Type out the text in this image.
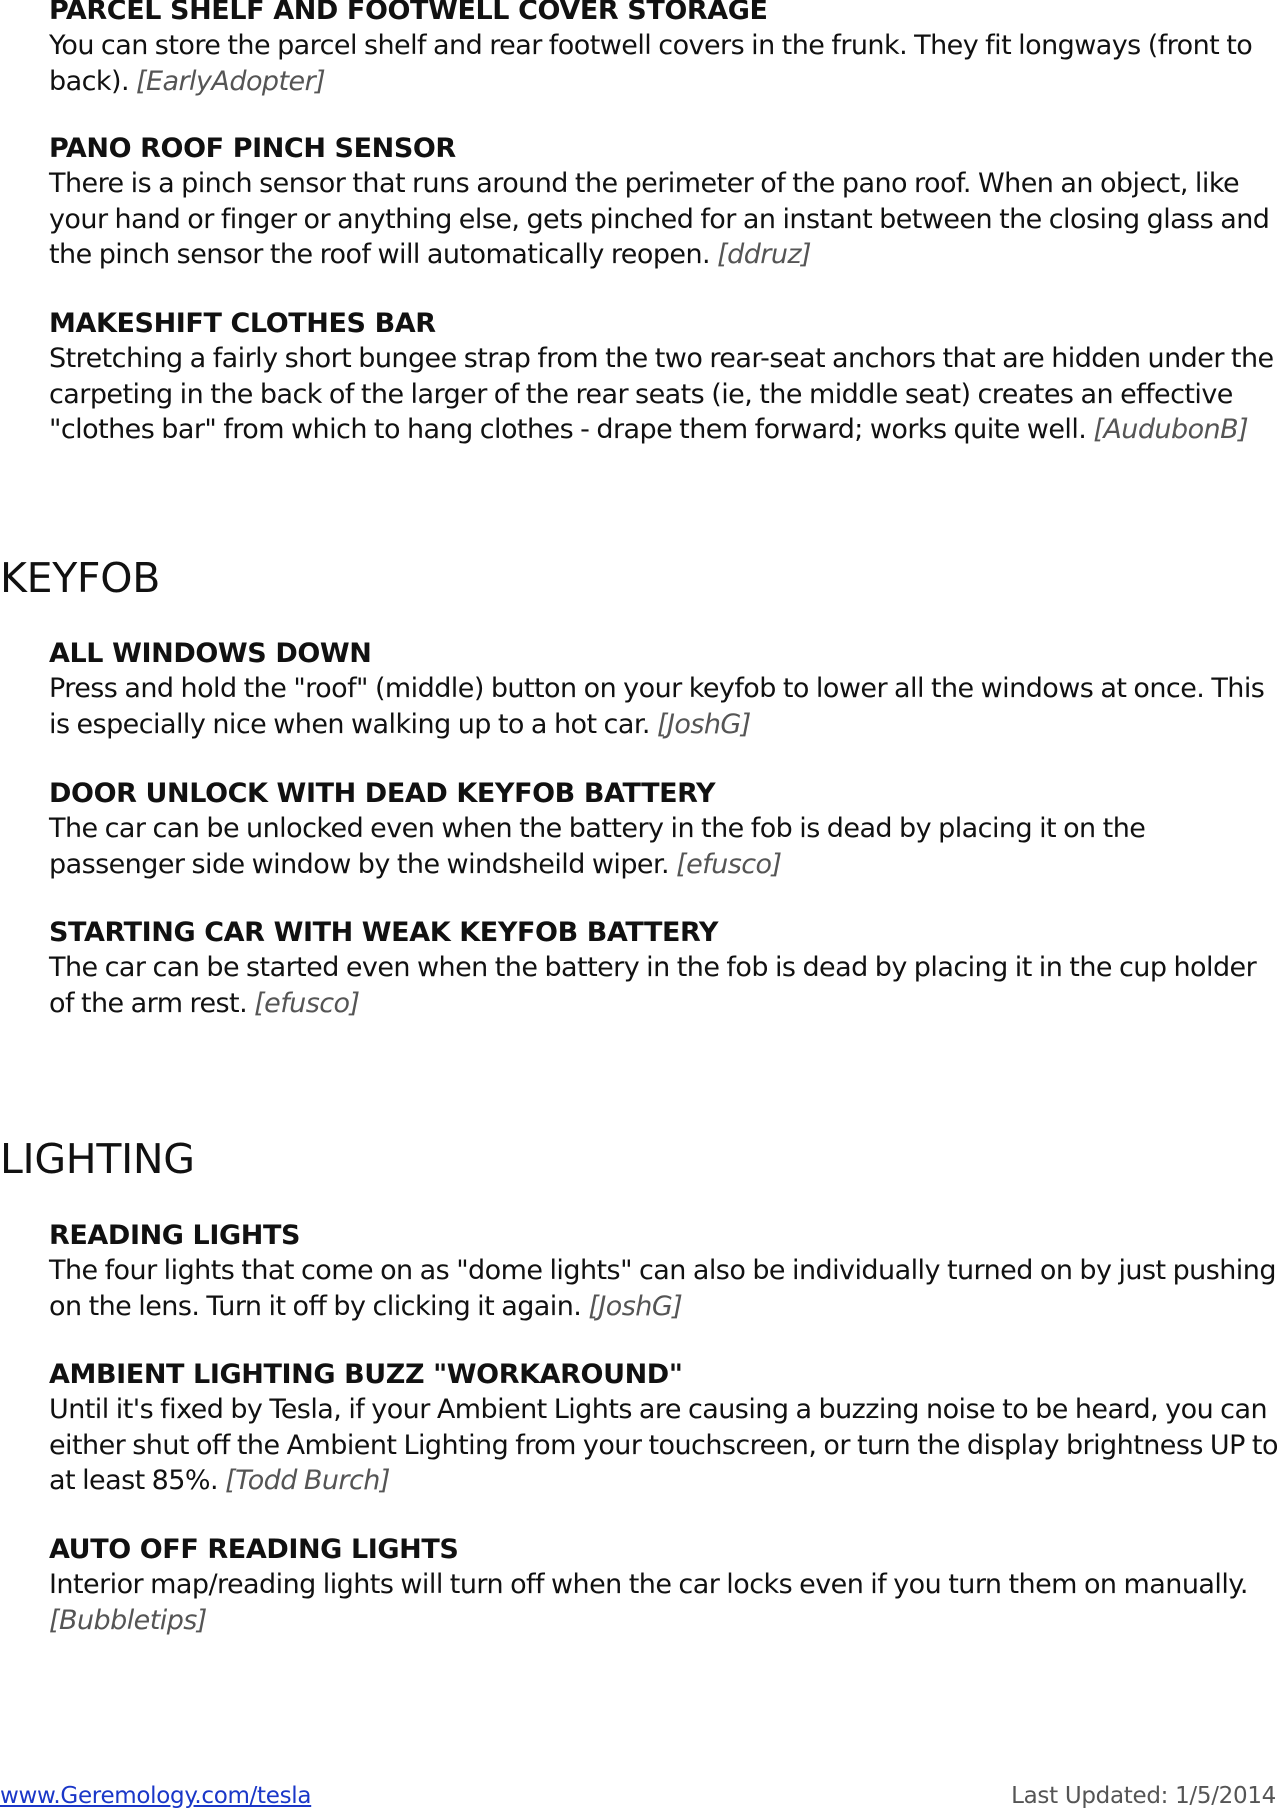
PARCEL SHELF AND FOOTWELL COVER STORAGE
You can store the parcel shelf and rear footwell covers in the frunk. They fit longways (front to back). [EarlyAdopter]
PANO ROOF PINCH SENSOR
There is a pinch sensor that runs around the perimeter of the pano roof. When an object, like your hand or finger or anything else, gets pinched for an instant between the closing glass and the pinch sensor the roof will automatically reopen. [ddruz]
MAKESHIFT CLOTHES BAR
Stretching a fairly short bungee strap from the two rear-seat anchors that are hidden under the carpeting in the back of the larger of the rear seats (ie, the middle seat) creates an effective "clothes bar" from which to hang clothes - drape them forward; works quite well. [AudubonB]
KEYFOB
ALL WINDOWS DOWN
Press and hold the "roof" (middle) button on your keyfob to lower all the windows at once. This is especially nice when walking up to a hot car. [JoshG]
DOOR UNLOCK WITH DEAD KEYFOB BATTERY
The car can be unlocked even when the battery in the fob is dead by placing it on the passenger side window by the windsheild wiper. [efusco]
STARTING CAR WITH WEAK KEYFOB BATTERY
The car can be started even when the battery in the fob is dead by placing it in the cup holder of the arm rest. [efusco]
LIGHTING
READING LIGHTS
The four lights that come on as "dome lights" can also be individually turned on by just pushing on the lens. Turn it off by clicking it again. [JoshG]
AMBIENT LIGHTING BUZZ "WORKAROUND"
Until it's fixed by Tesla, if your Ambient Lights are causing a buzzing noise to be heard, you can either shut off the Ambient Lighting from your touchscreen, or turn the display brightness UP to at least 85%. [Todd Burch]
AUTO OFF READING LIGHTS
Interior map/reading lights will turn off when the car locks even if you turn them on manually. [Bubbletips]
www.Geremology.com/tesla	Last Updated: 1/5/2014
